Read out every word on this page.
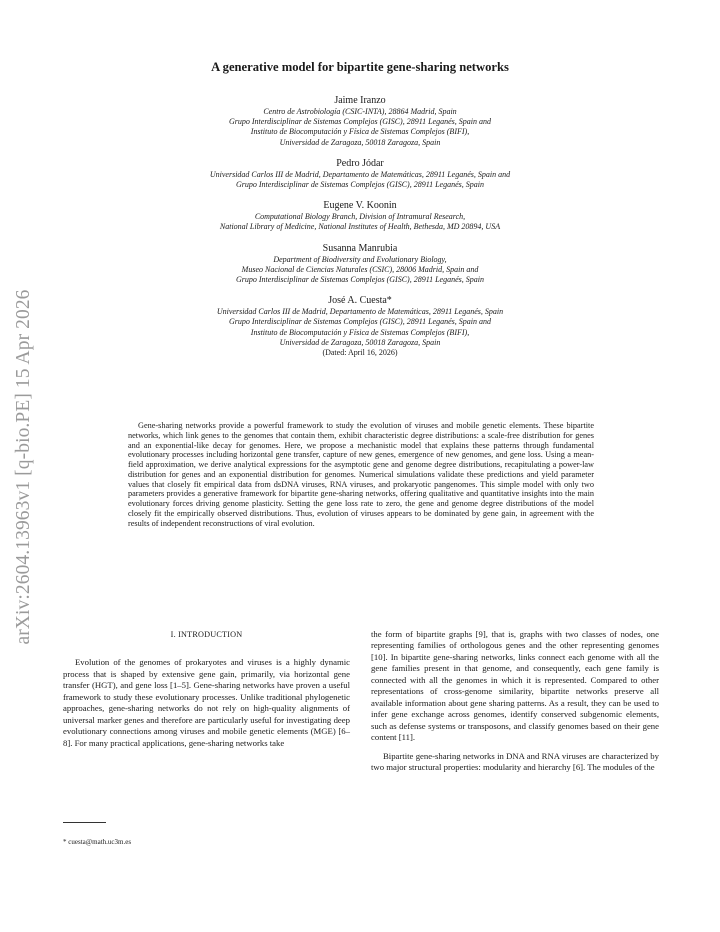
arXiv:2604.13963v1 [q-bio.PE] 15 Apr 2026
A generative model for bipartite gene-sharing networks
Jaime Iranzo
Centro de Astrobiología (CSIC-INTA), 28864 Madrid, Spain
Grupo Interdisciplinar de Sistemas Complejos (GISC), 28911 Leganés, Spain and
Instituto de Biocomputación y Física de Sistemas Complejos (BIFI),
Universidad de Zaragoza, 50018 Zaragoza, Spain
Pedro Jódar
Universidad Carlos III de Madrid, Departamento de Matemáticas, 28911 Leganés, Spain and
Grupo Interdisciplinar de Sistemas Complejos (GISC), 28911 Leganés, Spain
Eugene V. Koonin
Computational Biology Branch, Division of Intramural Research,
National Library of Medicine, National Institutes of Health, Bethesda, MD 20894, USA
Susanna Manrubia
Department of Biodiversity and Evolutionary Biology,
Museo Nacional de Ciencias Naturales (CSIC), 28006 Madrid, Spain and
Grupo Interdisciplinar de Sistemas Complejos (GISC), 28911 Leganés, Spain
José A. Cuesta*
Universidad Carlos III de Madrid, Departamento de Matemáticas, 28911 Leganés, Spain
Grupo Interdisciplinar de Sistemas Complejos (GISC), 28911 Leganés, Spain and
Instituto de Biocomputación y Física de Sistemas Complejos (BIFI),
Universidad de Zaragoza, 50018 Zaragoza, Spain
(Dated: April 16, 2026)

Gene-sharing networks provide a powerful framework to study the evolution of viruses and mobile genetic elements. These bipartite networks, which link genes to the genomes that contain them, exhibit characteristic degree distributions: a scale-free distribution for genes and an exponential-like decay for genomes. Here, we propose a mechanistic model that explains these patterns through fundamental evolutionary processes including horizontal gene transfer, capture of new genes, emergence of new genomes, and gene loss. Using a mean-field approximation, we derive analytical expressions for the asymptotic gene and genome degree distributions, recapitulating a power-law distribution for genes and an exponential distribution for genomes. Numerical simulations validate these predictions and yield parameter values that closely fit empirical data from dsDNA viruses, RNA viruses, and prokaryotic pangenomes. This simple model with only two parameters provides a generative framework for bipartite gene-sharing networks, offering qualitative and quantitative insights into the main evolutionary forces driving genome plasticity. Setting the gene loss rate to zero, the gene and genome degree distributions of the model closely fit the empirically observed distributions. Thus, evolution of viruses appears to be dominated by gene gain, in agreement with the results of independent reconstructions of viral evolution.

I. INTRODUCTION

Evolution of the genomes of prokaryotes and viruses is a highly dynamic process that is shaped by extensive gene gain, primarily, via horizontal gene transfer (HGT), and gene loss [1–5]. Gene-sharing networks have proven a useful framework to study these evolutionary processes. Unlike traditional phylogenetic approaches, gene-sharing networks do not rely on high-quality alignments of universal marker genes and therefore are particularly useful for investigating deep evolutionary connections among viruses and mobile genetic elements (MGE) [6–8]. For many practical applications, gene-sharing networks take

the form of bipartite graphs [9], that is, graphs with two classes of nodes, one representing families of orthologous genes and the other representing genomes [10]. In bipartite gene-sharing networks, links connect each genome with all the gene families present in that genome, and consequently, each gene family is connected with all the genomes in which it is represented. Compared to other representations of cross-genome similarity, bipartite networks preserve all available information about gene sharing patterns. As a result, they can be used to infer gene exchange across genomes, identify conserved subgenomic elements, such as defense systems or transposons, and classify genomes based on their gene content [11].

Bipartite gene-sharing networks in DNA and RNA viruses are characterized by two major structural properties: modularity and hierarchy [6]. The modules of the

* cuesta@math.uc3m.es
